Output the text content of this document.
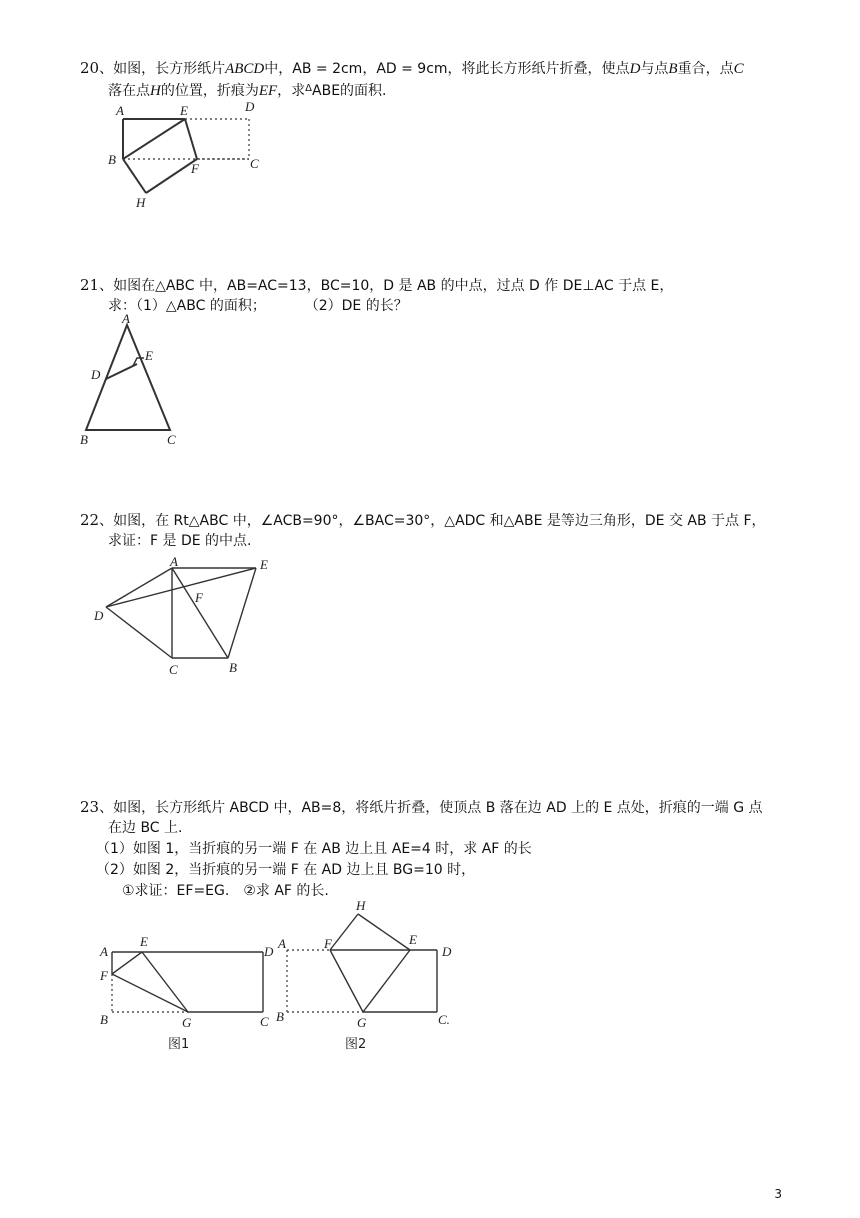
20、如图，长方形纸片ABCD中，AB = 2cm，AD = 9cm，将此长方形纸片折叠，使点D与点B重合，点C
落在点H的位置，折痕为EF，求$^\Delta$ABE的面积.
A	E	D
B
F	C
H
21、如图在△ABC 中，AB=AC=13，BC=10，D 是 AB 的中点，过点 D 作 DE⊥AC 于点 E，
求：（1）△ABC 的面积；	（2）DE 的长？
A
E
D
B	C
22、如图，在 Rt△ABC 中，∠ACB=90°，∠BAC=30°，△ADC 和△ABE 是等边三角形，DE 交 AB 于点 F，
求证：F 是 DE 的中点.
A	E
F
D
C	B
23、如图，长方形纸片 ABCD 中，AB=8，将纸片折叠，使顶点 B 落在边 AD 上的 E 点处，折痕的一端 G 点
在边 BC 上.
（1）如图 1，当折痕的另一端 F 在 AB 边上且 AE=4 时，求 AF 的长
（2）如图 2，当折痕的另一端 F 在 AD 边上且 BG=10 时，
①求证：EF=EG.　②求 AF 的长.
A
E
D
F
B	G	C
图1
A
H
F	E
D
B	G	C.
图2
3
